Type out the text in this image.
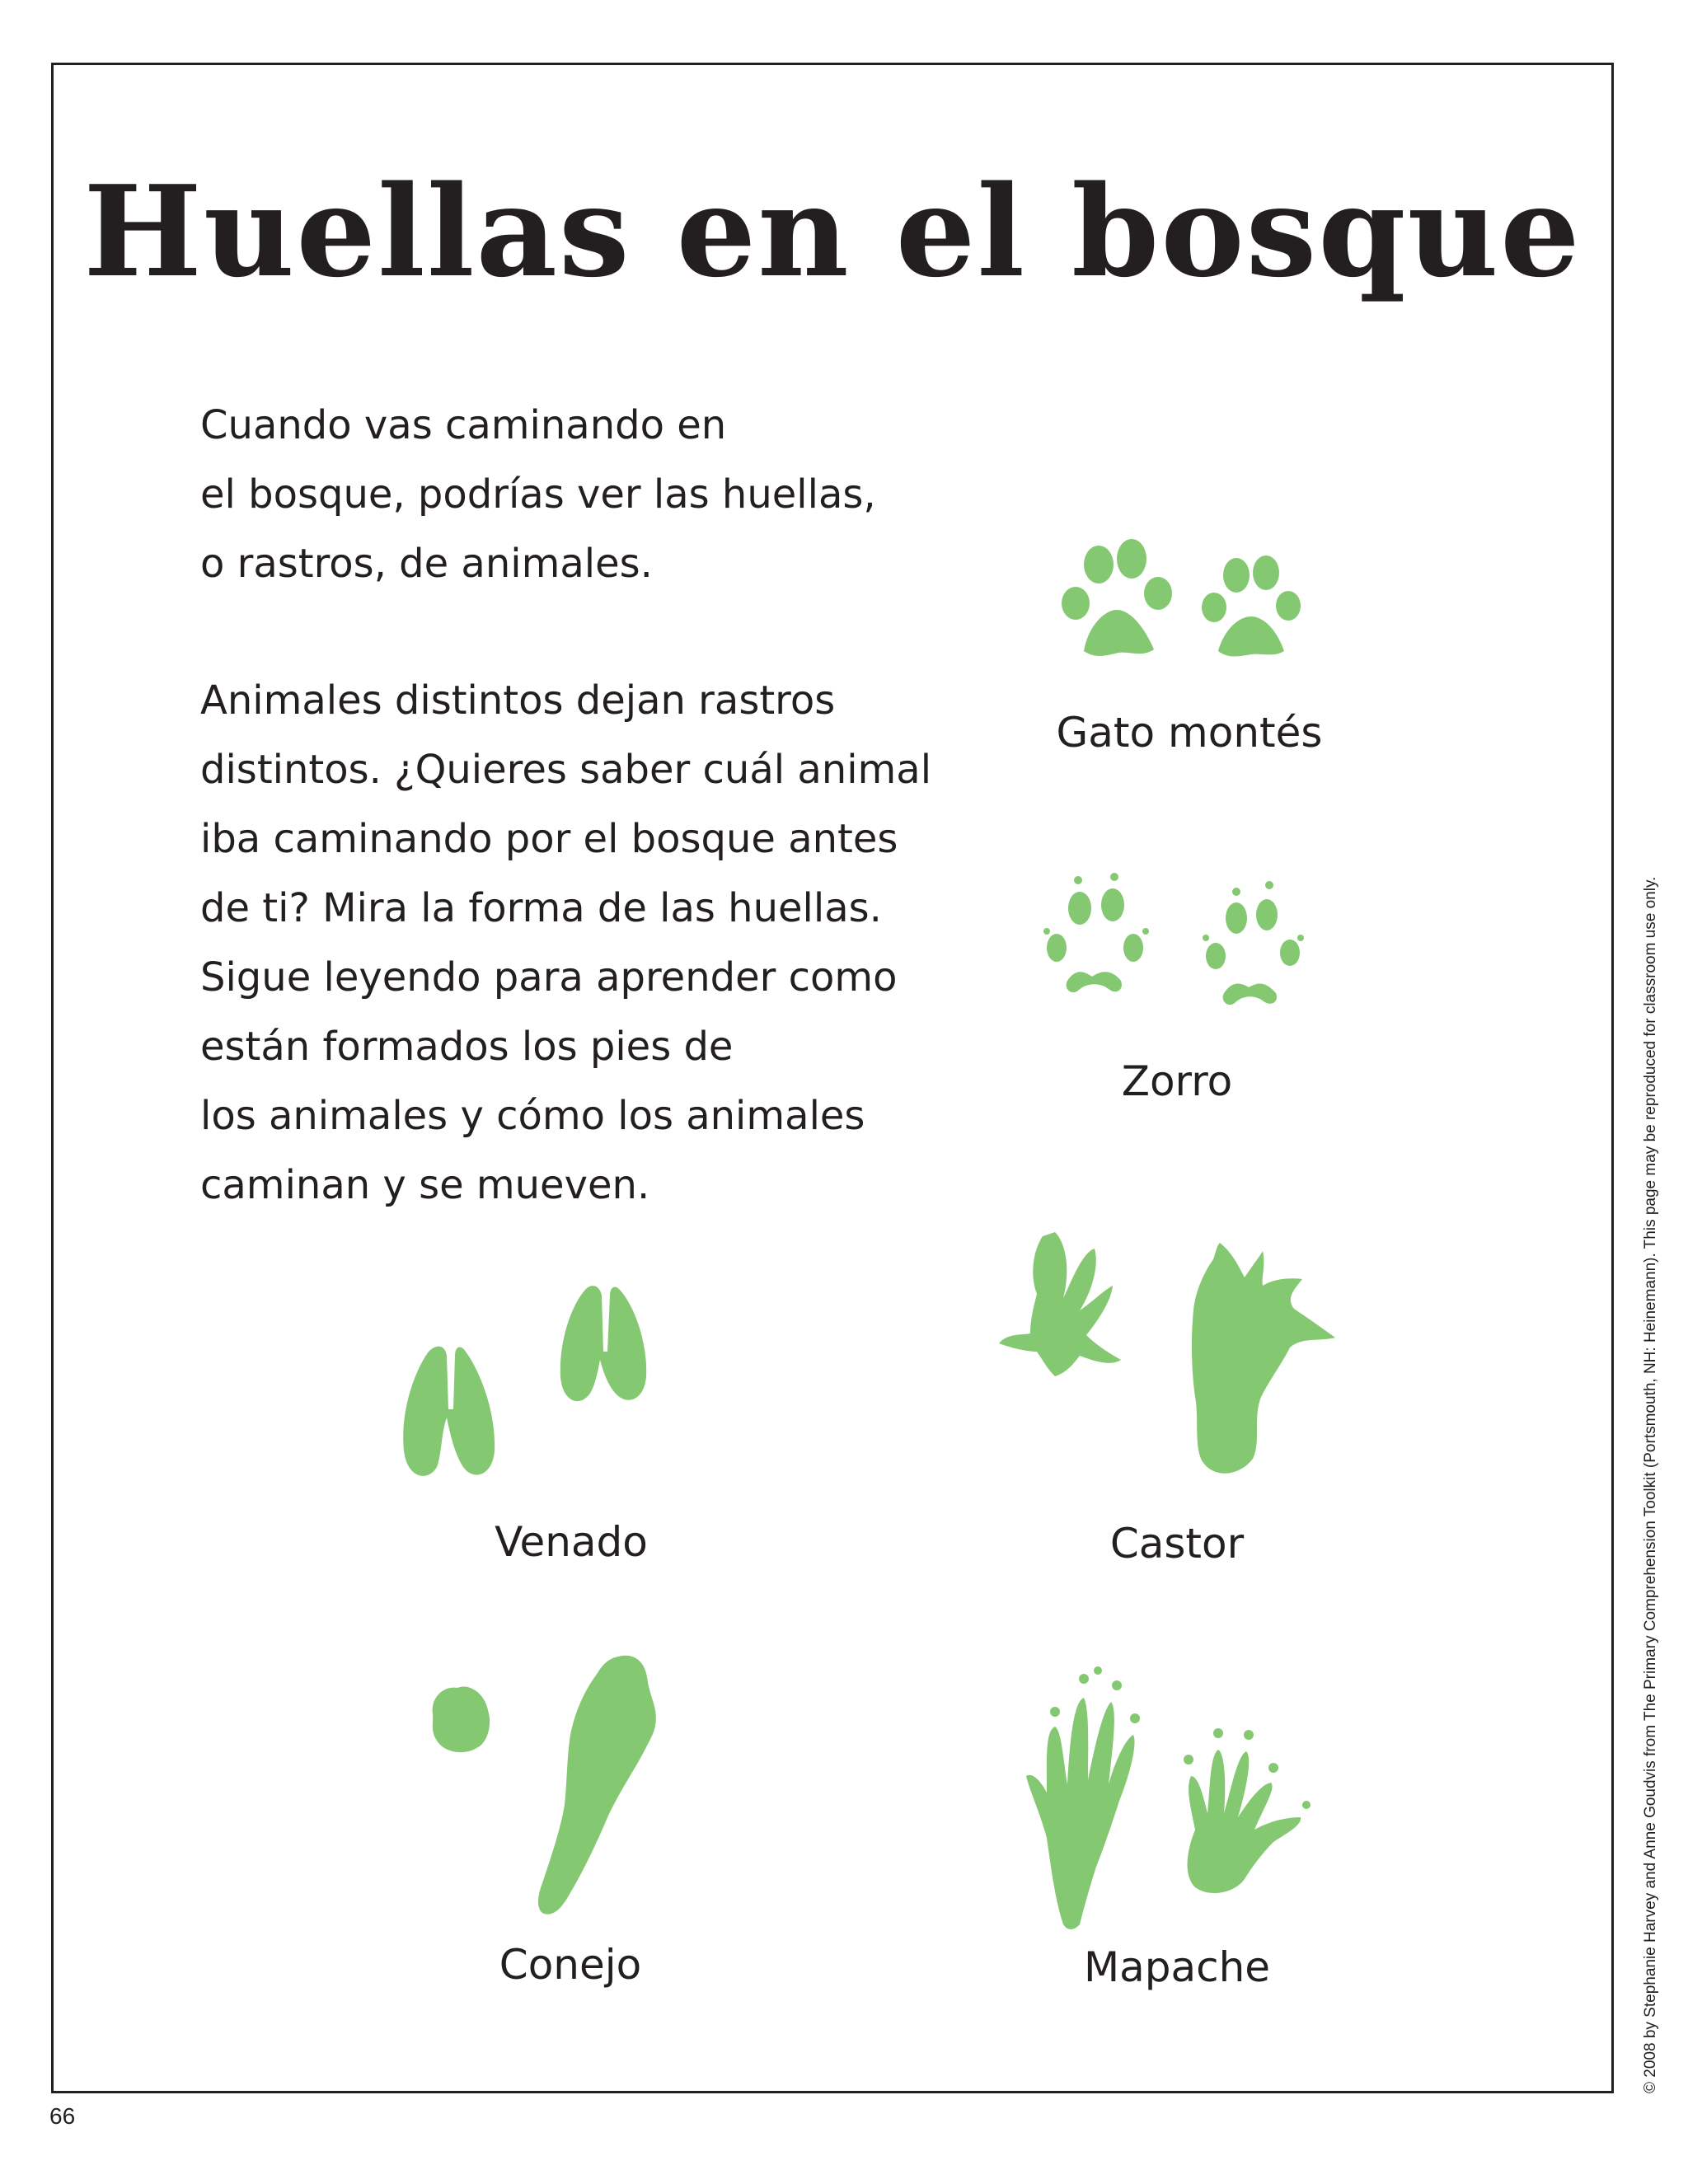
Huellas en el bosque
Cuando vas caminando en
el bosque, podrías ver las huellas,
o rastros, de animales.
Animales distintos dejan rastros
distintos. ¿Quieres saber cuál animal
iba caminando por el bosque antes
de ti? Mira la forma de las huellas.
Sigue leyendo para aprender como
están formados los pies de
los animales y cómo los animales
caminan y se mueven.
Gato montés
Zorro
Venado	Castor
Conejo	Mapache	© 2008 by Stephanie Harvey and Anne Goudvis from The Primary Comprehension Toolkit (Portsmouth, NH: Heinemann). This page may be reproduced for classroom use only.
66
